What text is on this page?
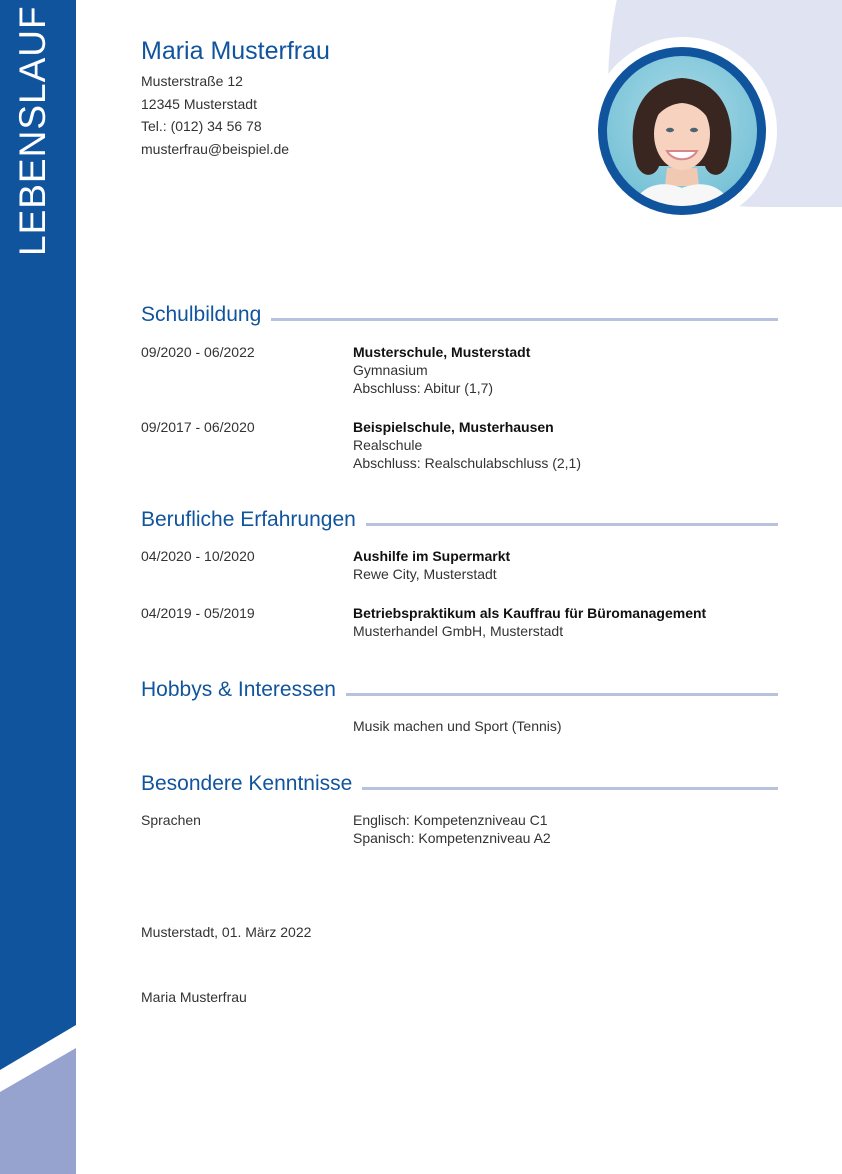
LEBENSLAUF	Maria Musterfrau
Musterstraße 12
12345 Musterstadt
Tel.: (012) 34 56 78
musterfrau@beispiel.de
Schulbildung
09/2020 - 06/2022	Musterschule, Musterstadt
Gymnasium
Abschluss: Abitur (1,7)
09/2017 - 06/2020	Beispielschule, Musterhausen
Realschule
Abschluss: Realschulabschluss (2,1)
Berufliche Erfahrungen
04/2020 - 10/2020	Aushilfe im Supermarkt
Rewe City, Musterstadt
04/2019 - 05/2019	Betriebspraktikum als Kauffrau für Büromanagement
Musterhandel GmbH, Musterstadt
Hobbys & Interessen
Musik machen und Sport (Tennis)
Besondere Kenntnisse
Sprachen	Englisch: Kompetenzniveau C1
Spanisch: Kompetenzniveau A2
Musterstadt, 01. März 2022
Maria Musterfrau
